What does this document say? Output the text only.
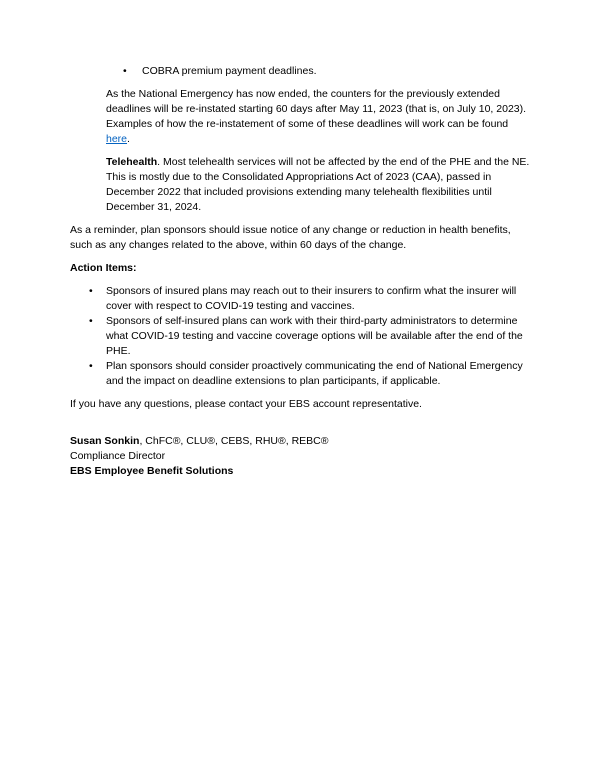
•	COBRA premium payment deadlines.

As the National Emergency has now ended, the counters for the previously extended deadlines will be re-instated starting 60 days after May 11, 2023 (that is, on July 10, 2023). Examples of how the re-instatement of some of these deadlines will work can be found here.

Telehealth. Most telehealth services will not be affected by the end of the PHE and the NE. This is mostly due to the Consolidated Appropriations Act of 2023 (CAA), passed in December 2022 that included provisions extending many telehealth flexibilities until December 31, 2024.

As a reminder, plan sponsors should issue notice of any change or reduction in health benefits, such as any changes related to the above, within 60 days of the change.

Action Items:

•	Sponsors of insured plans may reach out to their insurers to confirm what the insurer will cover with respect to COVID-19 testing and vaccines.
•	Sponsors of self-insured plans can work with their third-party administrators to determine what COVID-19 testing and vaccine coverage options will be available after the end of the PHE.
•	Plan sponsors should consider proactively communicating the end of National Emergency and the impact on deadline extensions to plan participants, if applicable.

If you have any questions, please contact your EBS account representative.

Susan Sonkin, ChFC®, CLU®, CEBS, RHU®, REBC®
Compliance Director
EBS Employee Benefit Solutions
